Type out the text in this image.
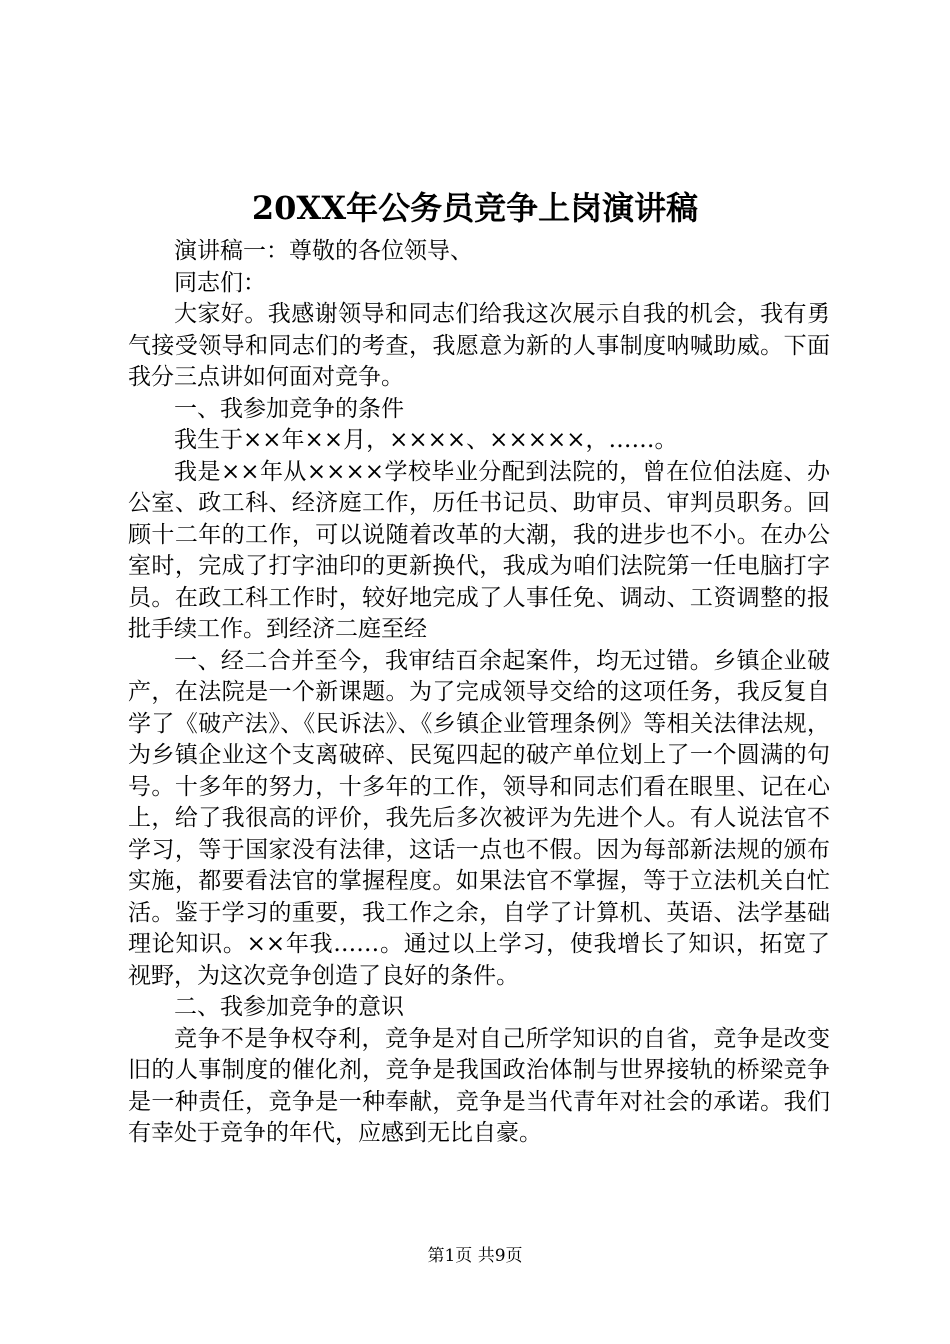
20XX年公务员竞争上岗演讲稿

演讲稿一：尊敬的各位领导、

同志们：

大家好。我感谢领导和同志们给我这次展示自我的机会，我有勇气接受领导和同志们的考查，我愿意为新的人事制度呐喊助威。下面我分三点讲如何面对竞争。

一、我参加竞争的条件

我生于××年××月，××××、×××××，……。

我是××年从××××学校毕业分配到法院的，曾在位伯法庭、办公室、政工科、经济庭工作，历任书记员、助审员、审判员职务。回顾十二年的工作，可以说随着改革的大潮，我的进步也不小。在办公室时，完成了打字油印的更新换代，我成为咱们法院第一任电脑打字员。在政工科工作时，较好地完成了人事任免、调动、工资调整的报批手续工作。到经济二庭至经

一、经二合并至今，我审结百余起案件，均无过错。乡镇企业破产，在法院是一个新课题。为了完成领导交给的这项任务，我反复自学了《破产法》、《民诉法》、《乡镇企业管理条例》等相关法律法规，为乡镇企业这个支离破碎、民冤四起的破产单位划上了一个圆满的句号。十多年的努力，十多年的工作，领导和同志们看在眼里、记在心上，给了我很高的评价，我先后多次被评为先进个人。有人说法官不学习，等于国家没有法律，这话一点也不假。因为每部新法规的颁布实施，都要看法官的掌握程度。如果法官不掌握，等于立法机关白忙活。鉴于学习的重要，我工作之余，自学了计算机、英语、法学基础理论知识。××年我……。通过以上学习，使我增长了知识，拓宽了视野，为这次竞争创造了良好的条件。

二、我参加竞争的意识

竞争不是争权夺利，竞争是对自己所学知识的自省，竞争是改变旧的人事制度的催化剂，竞争是我国政治体制与世界接轨的桥梁竞争是一种责任，竞争是一种奉献，竞争是当代青年对社会的承诺。我们有幸处于竞争的年代，应感到无比自豪。

第1页 共9页
